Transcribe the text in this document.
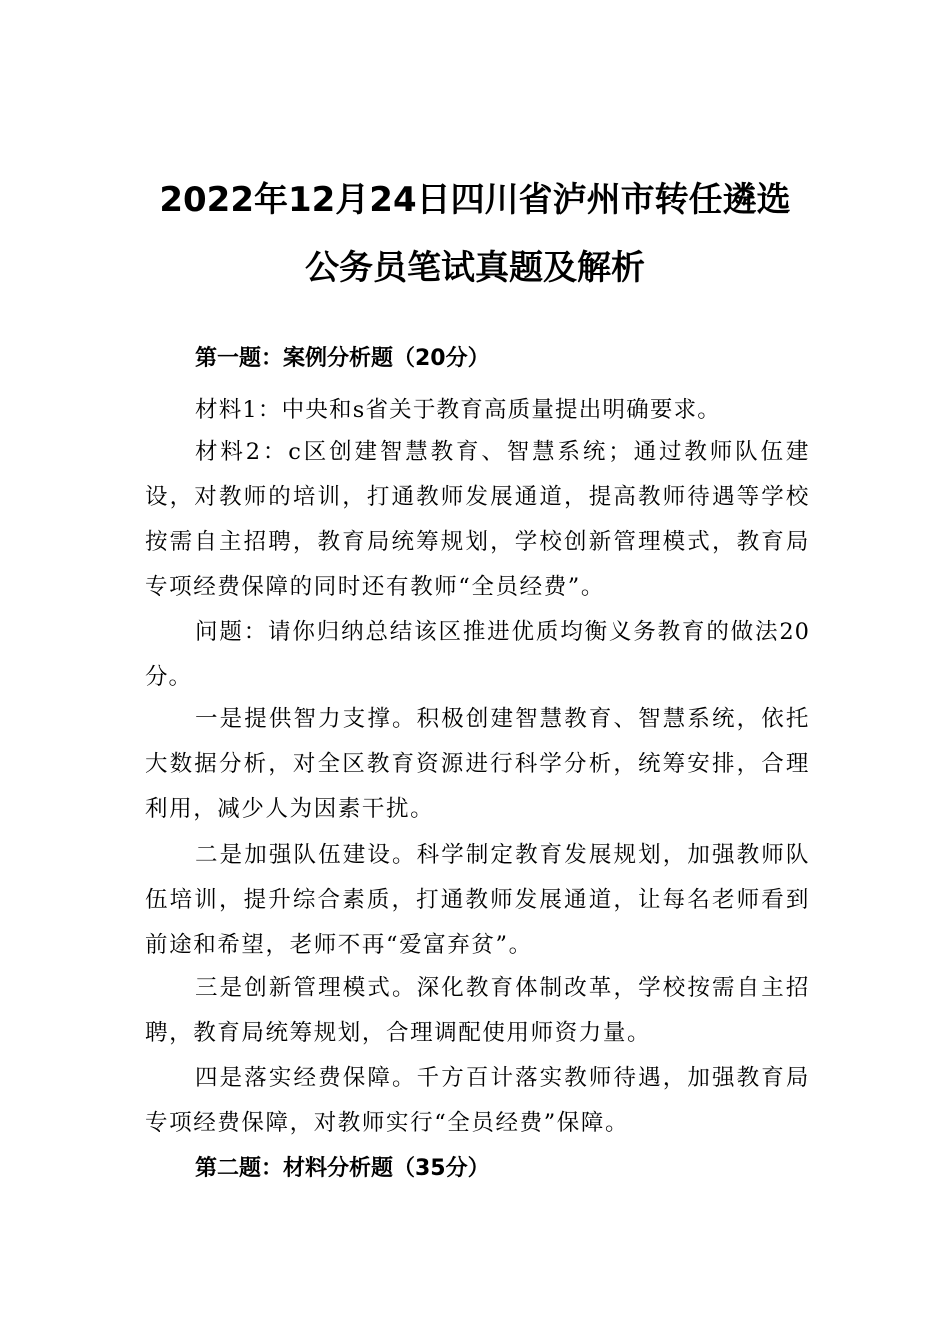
2022年12月24日四川省泸州市转任遴选
公务员笔试真题及解析
第一题：案例分析题（20分）

材料1：中央和s省关于教育高质量提出明确要求。

材料2：c区创建智慧教育、智慧系统；通过教师队伍建设，对教师的培训，打通教师发展通道，提高教师待遇等学校按需自主招聘，教育局统筹规划，学校创新管理模式，教育局专项经费保障的同时还有教师“全员经费”。

问题：请你归纳总结该区推进优质均衡义务教育的做法20分。

一是提供智力支撑。积极创建智慧教育、智慧系统，依托大数据分析，对全区教育资源进行科学分析，统筹安排，合理利用，减少人为因素干扰。

二是加强队伍建设。科学制定教育发展规划，加强教师队伍培训，提升综合素质，打通教师发展通道，让每名老师看到前途和希望，老师不再“爱富弃贫”。

三是创新管理模式。深化教育体制改革，学校按需自主招聘，教育局统筹规划，合理调配使用师资力量。

四是落实经费保障。千方百计落实教师待遇，加强教育局专项经费保障，对教师实行“全员经费”保障。

第二题：材料分析题（35分）
